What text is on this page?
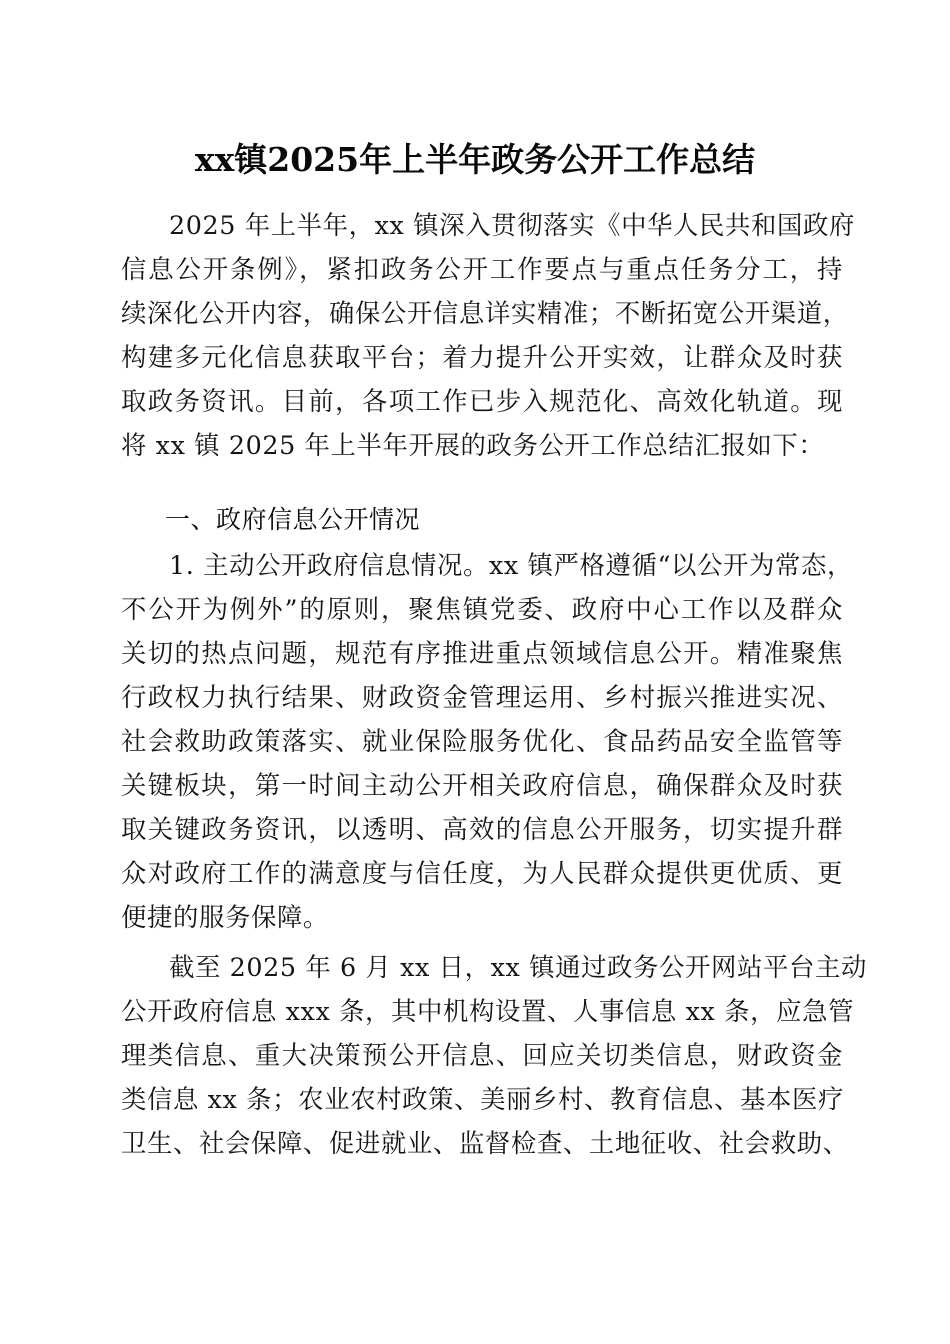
xx镇2025年上半年政务公开工作总结
2025 年上半年，xx 镇深入贯彻落实《中华人民共和国政府
信息公开条例》，紧扣政务公开工作要点与重点任务分工，持
续深化公开内容，确保公开信息详实精准；不断拓宽公开渠道，
构建多元化信息获取平台；着力提升公开实效，让群众及时获
取政务资讯。目前，各项工作已步入规范化、高效化轨道。现
将 xx 镇 2025 年上半年开展的政务公开工作总结汇报如下：
一、政府信息公开情况
1. 主动公开政府信息情况。xx 镇严格遵循“以公开为常态，
不公开为例外”的原则，聚焦镇党委、政府中心工作以及群众
关切的热点问题，规范有序推进重点领域信息公开。精准聚焦
行政权力执行结果、财政资金管理运用、乡村振兴推进实况、
社会救助政策落实、就业保险服务优化、食品药品安全监管等
关键板块，第一时间主动公开相关政府信息，确保群众及时获
取关键政务资讯，以透明、高效的信息公开服务，切实提升群
众对政府工作的满意度与信任度，为人民群众提供更优质、更
便捷的服务保障。
截至 2025 年 6 月 xx 日，xx 镇通过政务公开网站平台主动
公开政府信息 xxx 条，其中机构设置、人事信息 xx 条，应急管
理类信息、重大决策预公开信息、回应关切类信息，财政资金
类信息 xx 条；农业农村政策、美丽乡村、教育信息、基本医疗
卫生、社会保障、促进就业、监督检查、土地征收、社会救助、
